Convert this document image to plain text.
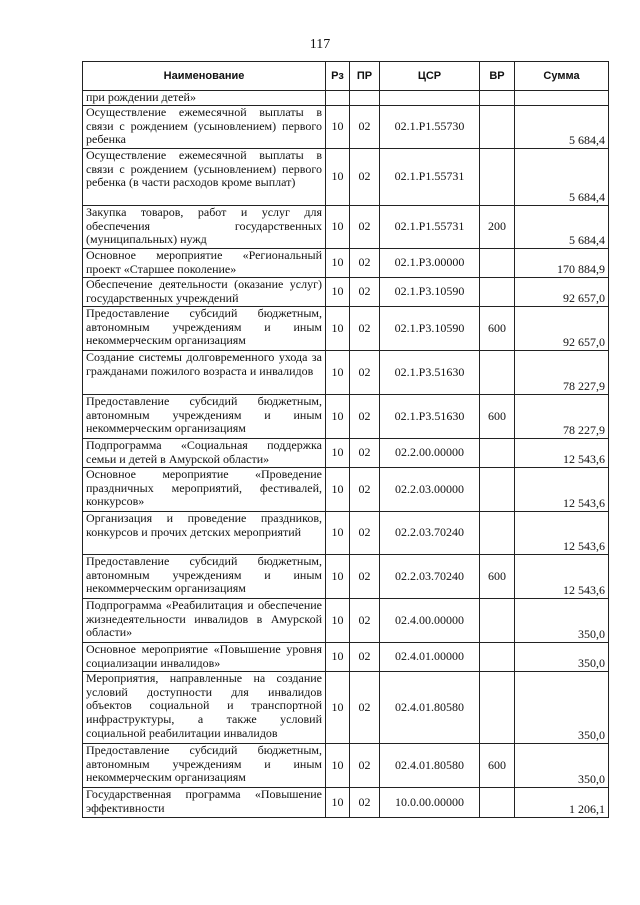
117
Наименование	Рз	ПР	ЦСР	ВР	Сумма
при рождении детей»					
Осуществление ежемесячной выплаты в связи с рождением (усыновлением) первого ребенка	10	02	02.1.P1.55730		5 684,4
Осуществление ежемесячной выплаты в связи с рождением (усыновлением) первого ребенка (в части расходов кроме выплат)	10	02	02.1.P1.55731		5 684,4
Закупка товаров, работ и услуг для обеспечения государственных (муниципальных) нужд	10	02	02.1.P1.55731	200	5 684,4
Основное мероприятие «Региональный проект «Старшее поколение»	10	02	02.1.P3.00000		170 884,9
Обеспечение деятельности (оказание услуг) государственных учреждений	10	02	02.1.P3.10590		92 657,0
Предоставление субсидий бюджетным, автономным учреждениям и иным некоммерческим организациям	10	02	02.1.P3.10590	600	92 657,0
Создание системы долговременного ухода за гражданами пожилого возраста и инвалидов	10	02	02.1.P3.51630		78 227,9
Предоставление субсидий бюджетным, автономным учреждениям и иным некоммерческим организациям	10	02	02.1.P3.51630	600	78 227,9
Подпрограмма «Социальная поддержка семьи и детей в Амурской области»	10	02	02.2.00.00000		12 543,6
Основное мероприятие «Проведение праздничных мероприятий, фестивалей, конкурсов»	10	02	02.2.03.00000		12 543,6
Организация и проведение праздников, конкурсов и прочих детских мероприятий	10	02	02.2.03.70240		12 543,6
Предоставление субсидий бюджетным, автономным учреждениям и иным некоммерческим организациям	10	02	02.2.03.70240	600	12 543,6
Подпрограмма «Реабилитация и обеспечение жизнедеятельности инвалидов в Амурской области»	10	02	02.4.00.00000		350,0
Основное мероприятие «Повышение уровня социализации инвалидов»	10	02	02.4.01.00000		350,0
Мероприятия, направленные на создание условий доступности для инвалидов объектов социальной и транспортной инфраструктуры, а также условий социальной реабилитации инвалидов	10	02	02.4.01.80580		350,0
Предоставление субсидий бюджетным, автономным учреждениям и иным некоммерческим организациям	10	02	02.4.01.80580	600	350,0
Государственная программа «Повышение эффективности	10	02	10.0.00.00000		1 206,1
